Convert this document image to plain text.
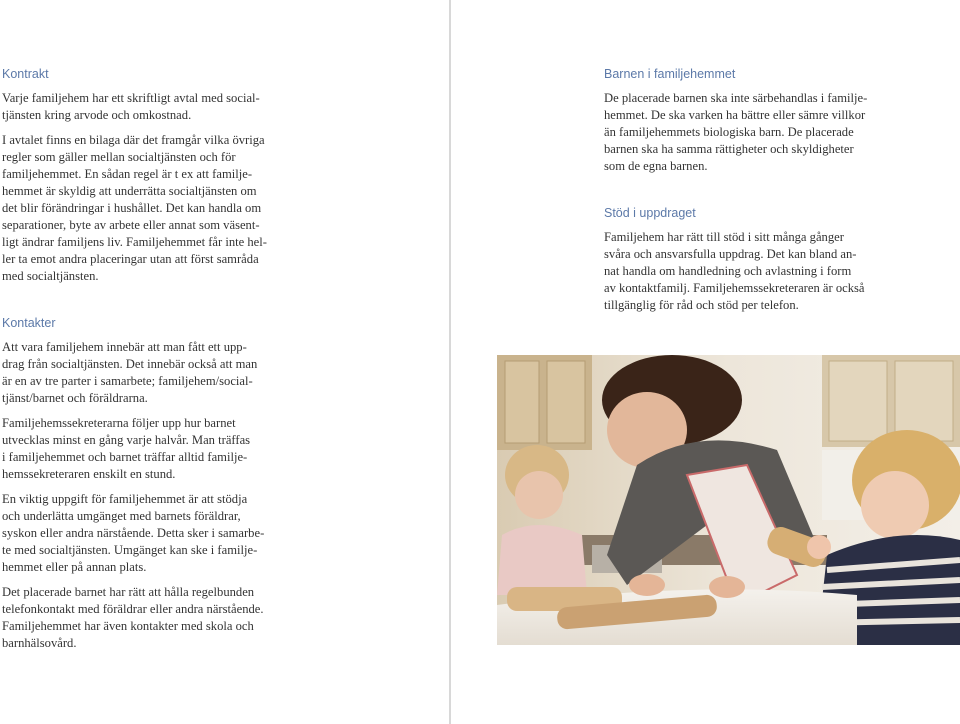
Kontrakt

Varje familjehem har ett skriftligt avtal med social-
tjänsten kring arvode och omkostnad.

I avtalet finns en bilaga där det framgår vilka övriga
regler som gäller mellan socialtjänsten och för
familjehemmet. En sådan regel är t ex att familje-
hemmet är skyldig att underrätta socialtjänsten om
det blir förändringar i hushållet. Det kan handla om
separationer, byte av arbete eller annat som väsent-
ligt ändrar familjens liv. Familjehemmet får inte hel-
ler ta emot andra placeringar utan att först samråda
med socialtjänsten.

Kontakter

Att vara familjehem innebär att man fått ett upp-
drag från socialtjänsten. Det innebär också att man
är en av tre parter i samarbete; familjehem/social-
tjänst/barnet och föräldrarna.

Familjehemssekreterarna följer upp hur barnet
utvecklas minst en gång varje halvår. Man träffas
i familjehemmet och barnet träffar alltid familje-
hemssekreteraren enskilt en stund.

En viktig uppgift för familjehemmet är att stödja
och underlätta umgänget med barnets föräldrar,
syskon eller andra närstående. Detta sker i samarbe-
te med socialtjänsten. Umgänget kan ske i familje-
hemmet eller på annan plats.

Det placerade barnet har rätt att hålla regelbunden
telefonkontakt med föräldrar eller andra närstående.
Familjehemmet har även kontakter med skola och
barnhälsovård.

Barnen i familjehemmet

De placerade barnen ska inte särbehandlas i familje-
hemmet. De ska varken ha bättre eller sämre villkor
än familjehemmets biologiska barn. De placerade
barnen ska ha samma rättigheter och skyldigheter
som de egna barnen.

Stöd i uppdraget

Familjehem har rätt till stöd i sitt många gånger
svåra och ansvarsfulla uppdrag. Det kan bland an-
nat handla om handledning och avlastning i form
av kontaktfamilj. Familjehemssekreteraren är också
tillgänglig för råd och stöd per telefon.
